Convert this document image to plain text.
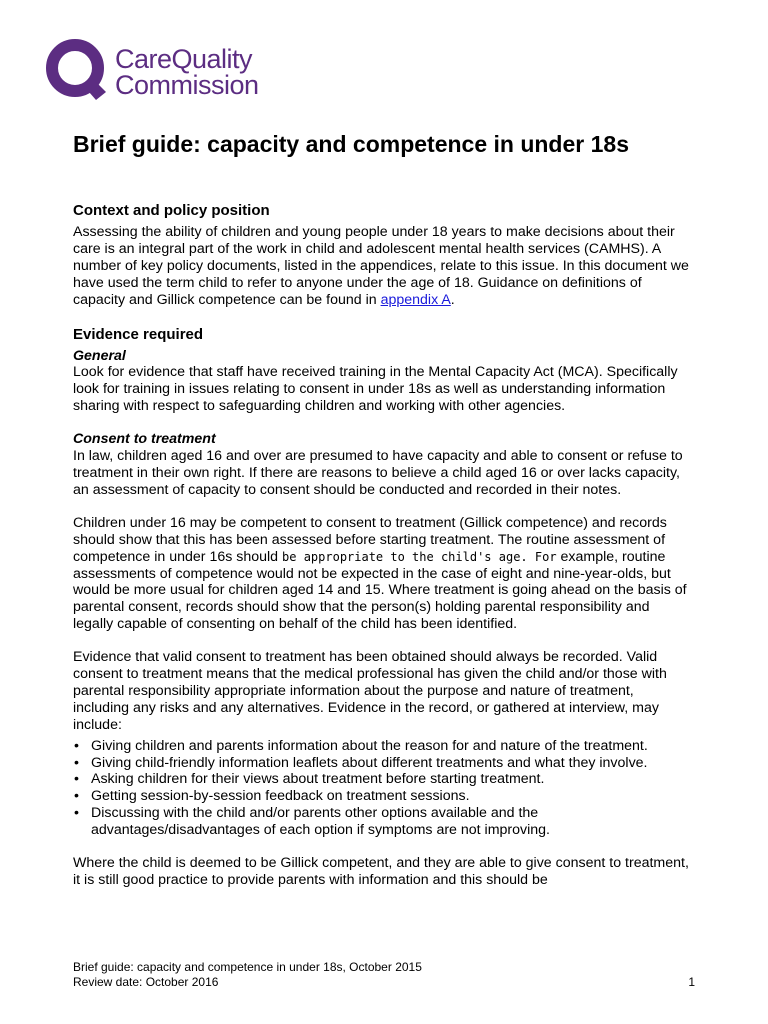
CareQuality
Commission
Brief guide: capacity and competence in under 18s
Context and policy position

Assessing the ability of children and young people under 18 years to make decisions about their care is an integral part of the work in child and adolescent mental health services (CAMHS). A number of key policy documents, listed in the appendices, relate to this issue. In this document we have used the term child to refer to anyone under the age of 18. Guidance on definitions of capacity and Gillick competence can be found in appendix A.

Evidence required
General

Look for evidence that staff have received training in the Mental Capacity Act (MCA). Specifically look for training in issues relating to consent in under 18s as well as understanding information sharing with respect to safeguarding children and working with other agencies.

Consent to treatment

In law, children aged 16 and over are presumed to have capacity and able to consent or refuse to treatment in their own right. If there are reasons to believe a child aged 16 or over lacks capacity, an assessment of capacity to consent should be conducted and recorded in their notes.

Children under 16 may be competent to consent to treatment (Gillick competence) and records should show that this has been assessed before starting treatment. The routine assessment of competence in under 16s should be appropriate to the child's age. For example, routine assessments of competence would not be expected in the case of eight and nine-year-olds, but would be more usual for children aged 14 and 15. Where treatment is going ahead on the basis of parental consent, records should show that the person(s) holding parental responsibility and legally capable of consenting on behalf of the child has been identified.

Evidence that valid consent to treatment has been obtained should always be recorded. Valid consent to treatment means that the medical professional has given the child and/or those with parental responsibility appropriate information about the purpose and nature of treatment, including any risks and any alternatives. Evidence in the record, or gathered at interview, may include:

• Giving children and parents information about the reason for and nature of the treatment.
• Giving child-friendly information leaflets about different treatments and what they involve.
• Asking children for their views about treatment before starting treatment.
• Getting session-by-session feedback on treatment sessions.
• Discussing with the child and/or parents other options available and the advantages/disadvantages of each option if symptoms are not improving.

Where the child is deemed to be Gillick competent, and they are able to give consent to treatment, it is still good practice to provide parents with information and this should be

Brief guide: capacity and competence in under 18s, October 2015
Review date: October 2016	1
